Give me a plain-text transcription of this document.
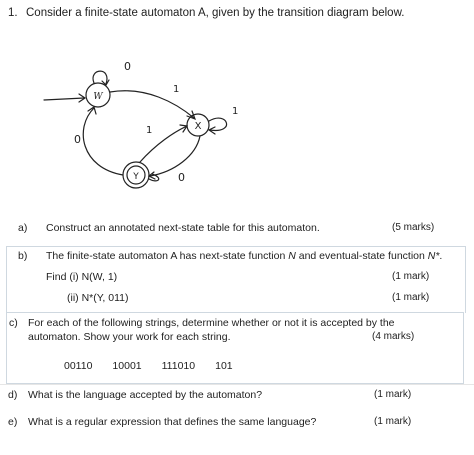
1. Consider a finite-state automaton A, given by the transition diagram below.
W
0
1
X
1
Y
0
1
0
a) Construct an annotated next-state table for this automaton.	(5 marks)
b) The finite-state automaton A has next-state function N and eventual-state function N*.
Find (i) N(W, 1)	(1 mark)
(ii) N*(Y, 011)	(1 mark)
c) For each of the following strings, determine whether or not it is accepted by the
automaton. Show your work for each string.	(4 marks)
00110 10001 111010 101
d) What is the language accepted by the automaton?	(1 mark)
e) What is a regular expression that defines the same language?	(1 mark)
